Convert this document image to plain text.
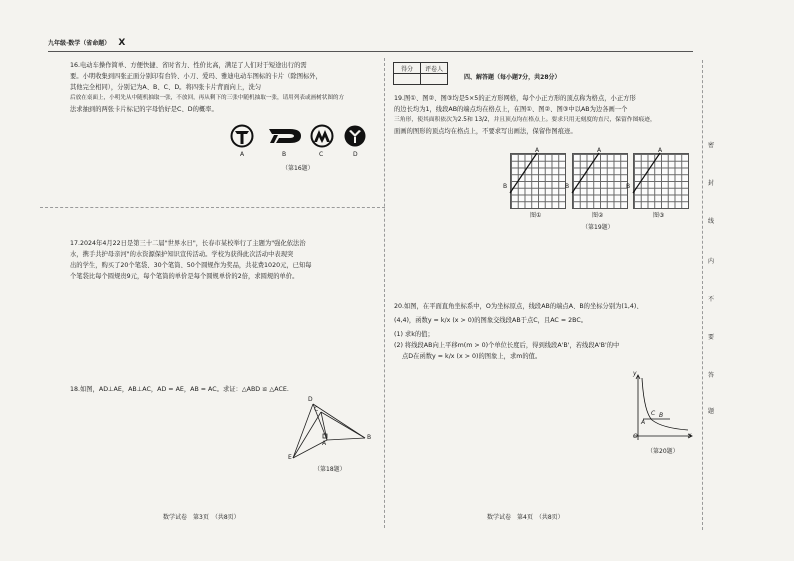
九年级·数学（省命题） X
16.电动车操作简单、方便快捷、省时省力、性价比高，满足了人们对于短途出行的需
要。小明收集到四张正面分别印有台铃、小刀、爱玛、雅迪电动车图标的卡片（除图标外，
其他完全相同），分别记为A、B、C、D。将四张卡片背面向上，洗匀
后放在桌面上，小明先从中随机抽取一张，不放回，再从剩下的三张中随机抽取一张，请用列表或画树状图的方
法求抽到的两张卡片标记的字母恰好是C、D的概率。
A	B	C	D
（第16题）
17.2024年4月22日是第三十二届"世界水日"，长春市某校举行了主题为"强化依法治
水，携手共护母亲河"的水资源保护知识宣传活动。学校为获得此次活动中表现突
出的学生，购买了20个笔袋、30个笔筒、50个圆规作为奖品，共花费1020元，已知每
个笔袋比每个圆规贵9元，每个笔筒的单价是每个圆规单价的2倍，求圆规的单价。
18.如图，AD⊥AE，AB⊥AC，AD = AE，AB = AC。求证：△ABD ≌ △ACE.
D
C
A
B
E
（第18题）
数学试卷　第3页　（共8页）
得分	评卷人

四、解答题（每小题7分，共28分）
19.图①、图②、图③均是5×5的正方形网格，每个小正方形的顶点称为格点，小正方形
的边长均为1，线段AB的端点均在格点上，在图①、图②、图③中以AB为边各画一个
三角形，使其面积依次为2.5和 13/2，并且顶点均在格点上。要求只用无刻度的直尺，保留作图痕迹，
面画的图形的顶点均在格点上，不要求写出画法，保留作图痕迹。
A
B
A
B
A
B
图①	图②	图③
（第19题）
20.如图，在平面直角坐标系中，O为坐标原点，线段AB的端点A、B的坐标分别为(1,4)、
(4,4)，函数y = k/x (x > 0)的图象交线段AB于点C，且AC = 2BC。
(1) 求k的值；
(2) 将线段AB向上平移m(m > 0)个单位长度后，得到线段A'B'，若线段A'B'的中
点D在函数y = k/x (x > 0)的图象上，求m的值。
y
x
O
A
C B
（第20题）
数学试卷　第4页　（共8页）
密
封
线
内
不
要
答
题
